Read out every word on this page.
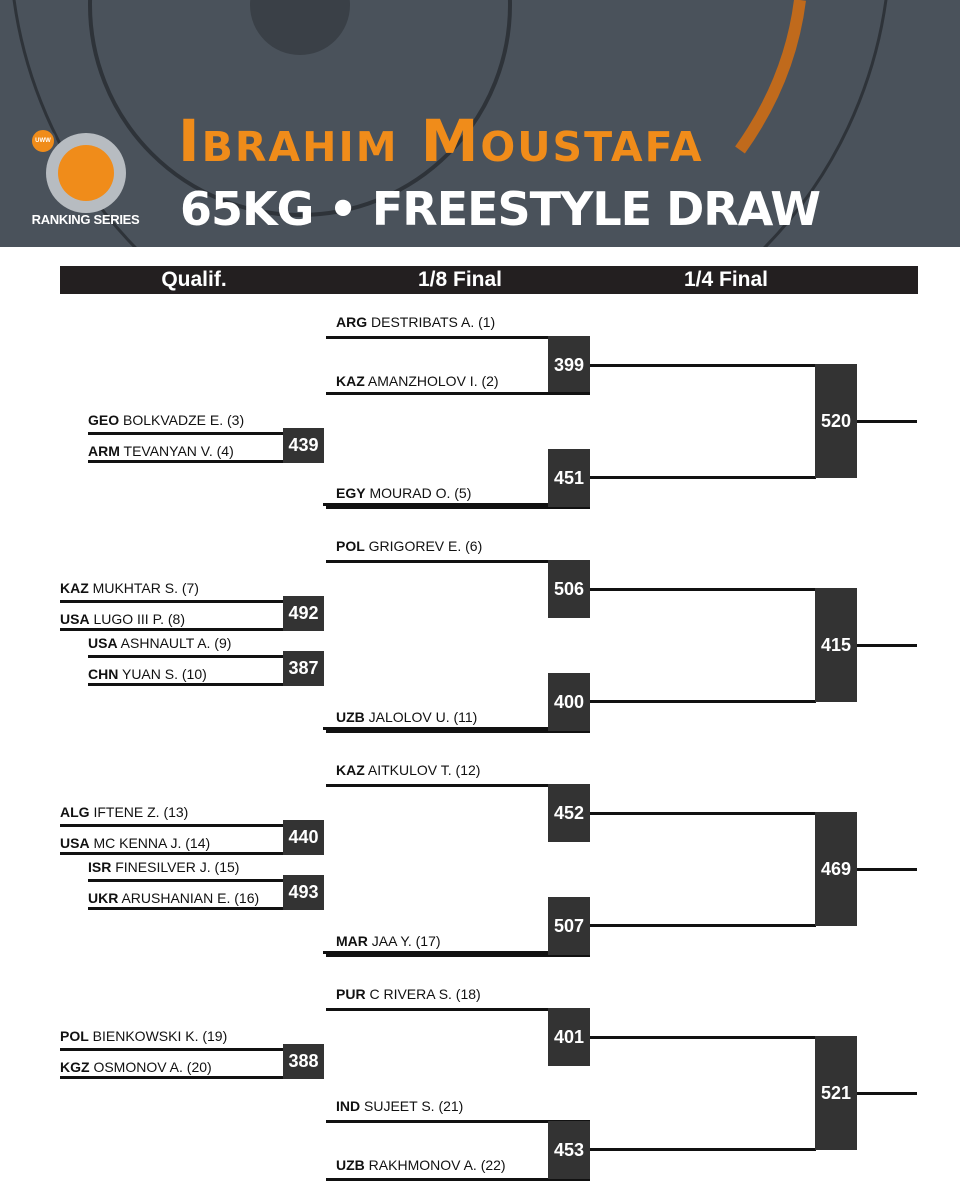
UWW
RANKING SERIES
Ibrahim Moustafa
65KG • FREESTYLE DRAW
Qualif.	1/8 Final	1/4 Final
ARG DESTRIBATS A. (1)
399
KAZ AMANZHOLOV I. (2)
GEO BOLKVADZE E. (3)
ARM TEVANYAN V. (4)	439
EGY MOURAD O. (5)
451
520
POL GRIGOREV E. (6)
506
KAZ MUKHTAR S. (7)
USA LUGO III P. (8)	492
USA ASHNAULT A. (9)
CHN YUAN S. (10)	387
UZB JALOLOV U. (11)
400
415
KAZ AITKULOV T. (12)
452
ALG IFTENE Z. (13)
USA MC KENNA J. (14)	440
ISR FINESILVER J. (15)
UKR ARUSHANIAN E. (16)	493
MAR JAA Y. (17)
507
469
PUR C RIVERA S. (18)
401
POL BIENKOWSKI K. (19)
KGZ OSMONOV A. (20)	388
IND SUJEET S. (21)
UZB RAKHMONOV A. (22)
453
521
